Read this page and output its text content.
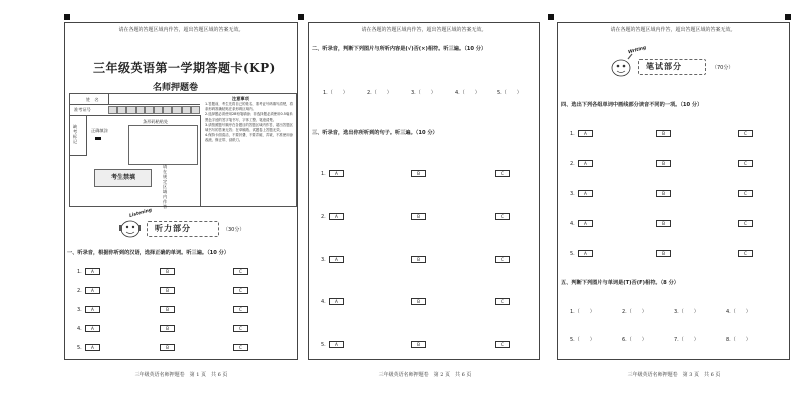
请在各题的答题区域内作答，超出答题区域的答案无效。	请在各题的答题区域内作答，超出答题区域的答案无效。	请在各题的答题区域内作答，超出答题区域的答案无效。
三年级英语第一学期答题卡(KP)
名师押题卷
姓　名
准考证号
条形码粘贴处
缺考标记
正确填涂
考生禁填
请在规定区域内作答
注意事项
1.答题前，考生先将自己的姓名、准考证号码填写清楚，将条形码准确粘贴在条形码区域内。
2.选择题必须使用2B铅笔填涂；非选择题必须使用0.5毫米黑色字迹的签字笔书写，字体工整、笔迹清楚。
3.请按照题号顺序在各题目的答题区域内作答，超出答题区域书写的答案无效；在草稿纸、试题卷上答题无效。
4.保持卡面清洁，不要折叠、不要弄破、弄皱，不准使用涂改液、修正带、刮纸刀。
Listening
听力部分	（30分）
一、听录音，根据你听到的汉语，选择正确的单词。听三遍。（10 分）
1. A	B	C
2. A	B	C
3. A	B	C
4. A	B	C
5. A	B	C
二、听录音，判断下列图片与所听内容是(√)否(×)相符。听三遍。（10 分）
1.（　　）	2.（　　）	3.（　　）	4.（　　）	5.（　　）
三、听录音，选出你所听到的句子。听三遍。（10 分）
1. A	B	C
2. A	B	C
3. A	B	C
4. A	B	C
5. A	B	C
Writing
笔试部分	（70分）
四、选出下列各组单词中画线部分读音不同的一项。（10 分）
1. A	B	C
2. A	B	C
3. A	B	C
4. A	B	C
5. A	B	C
五、判断下列图片与单词是(T)否(F)相符。（8 分）
1.（　　）	2.（　　）	3.（　　）	4.（　　）
5.（　　）	6.（　　）	7.（　　）	8.（　　）
三年级英语名师押题卷　第 1 页　共 6 页	三年级英语名师押题卷　第 2 页　共 6 页	三年级英语名师押题卷　第 3 页　共 6 页
